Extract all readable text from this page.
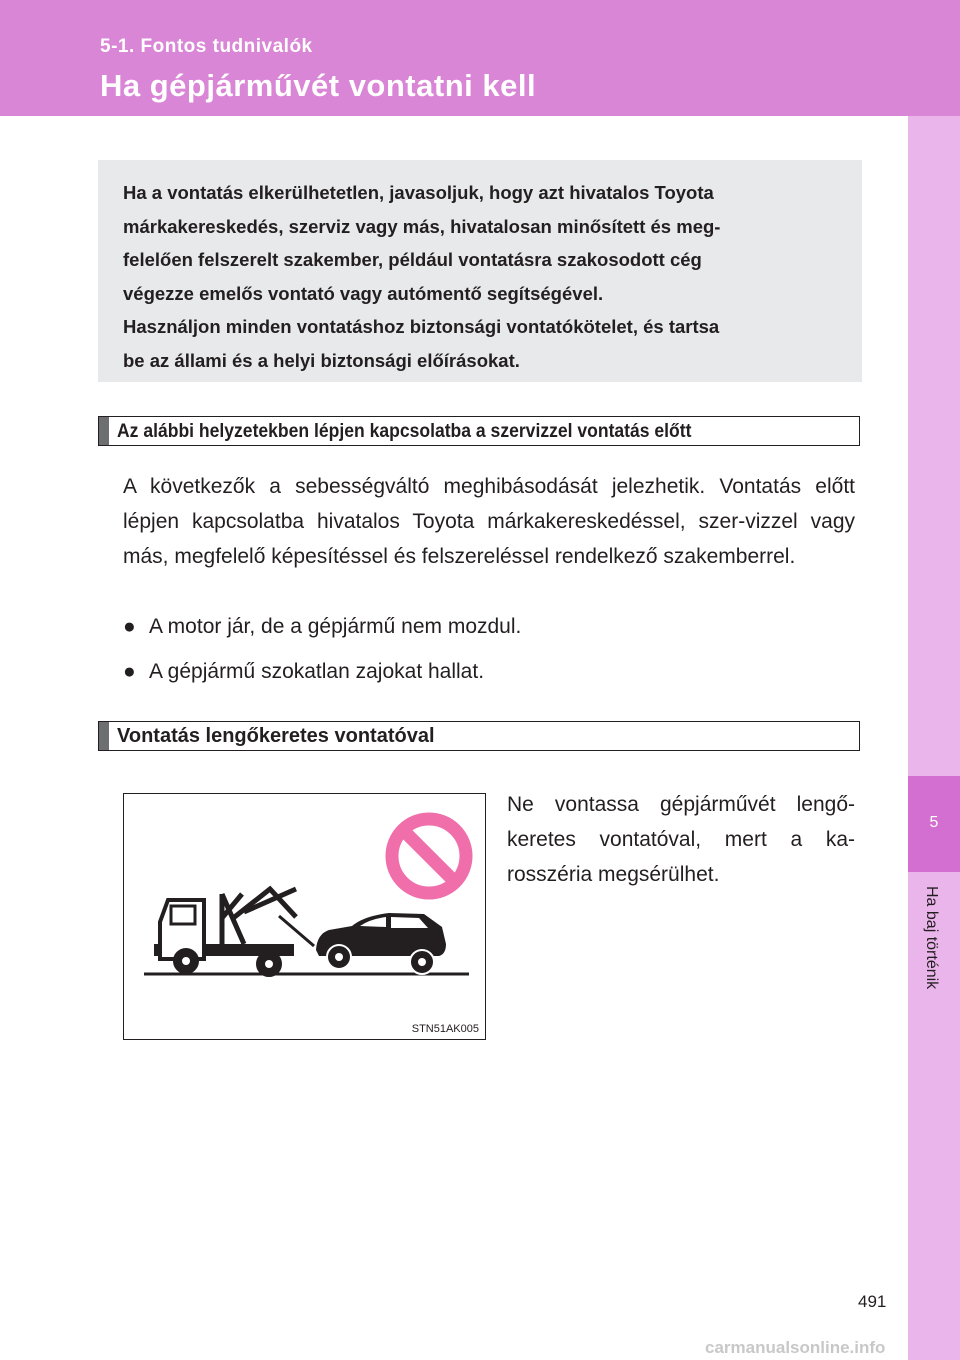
5-1. Fontos tudnivalók
Ha gépjárművét vontatni kell
5
Ha baj történik

Ha a vontatás elkerülhetetlen, javasoljuk, hogy azt hivatalos Toyota
márkakereskedés, szerviz vagy más, hivatalosan minősített és meg-
felelően felszerelt szakember, például vontatásra szakosodott cég
végezze emelős vontató vagy autómentő segítségével.
Használjon minden vontatáshoz biztonsági vontatókötelet, és tartsa
be az állami és a helyi biztonsági előírásokat.

Az alábbi helyzetekben lépjen kapcsolatba a szervizzel vontatás előtt

A következők a sebességváltó meghibásodását jelezhetik. Vontatás előtt lépjen kapcsolatba hivatalos Toyota márkakereskedéssel, szer-vizzel vagy más, megfelelő képesítéssel és felszereléssel rendelkező szakemberrel.

● A motor jár, de a gépjármű nem mozdul.
● A gépjármű szokatlan zajokat hallat.
Vontatás lengőkeretes vontatóval
STN51AK005

Ne vontassa gépjárművét lengő-keretes vontatóval, mert a ka-rosszéria megsérülhet.

491
carmanualsonline.info
